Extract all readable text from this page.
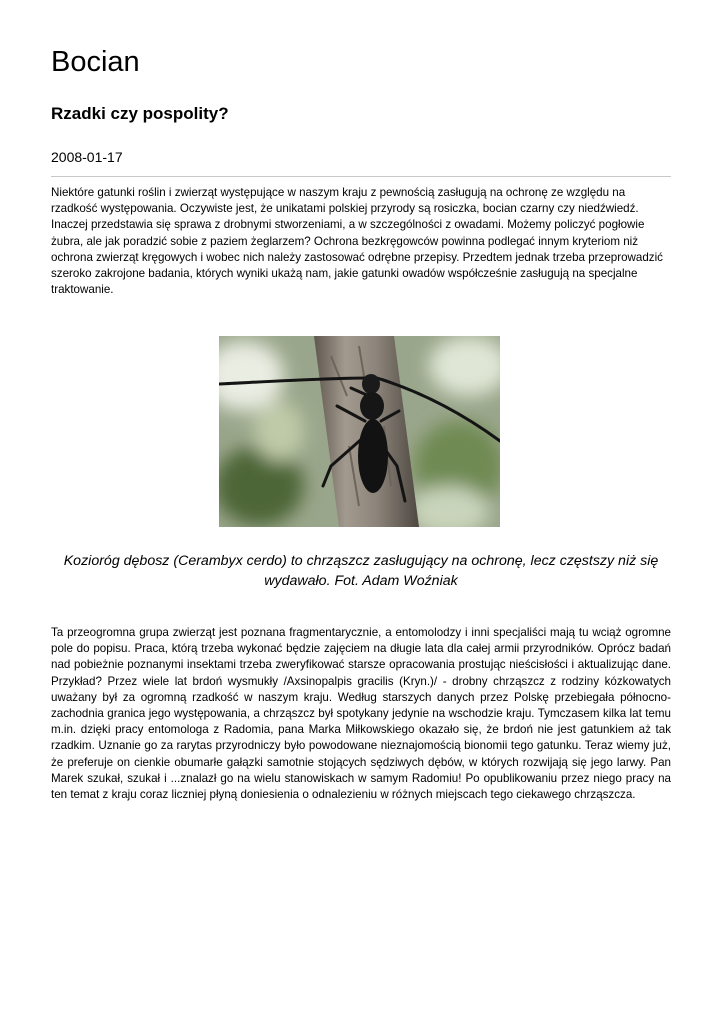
Bocian
Rzadki czy pospolity?
2008-01-17

Niektóre gatunki roślin i zwierząt występujące w naszym kraju z pewnością zasługują na ochronę ze względu na rzadkość występowania. Oczywiste jest, że unikatami polskiej przyrody są rosiczka, bocian czarny czy niedźwiedź. Inaczej przedstawia się sprawa z drobnymi stworzeniami, a w szczególności z owadami. Możemy policzyć pogłowie żubra, ale jak poradzić sobie z paziem żeglarzem? Ochrona bezkręgowców powinna podlegać innym kryteriom niż ochrona zwierząt kręgowych i wobec nich należy zastosować odrębne przepisy. Przedtem jednak trzeba przeprowadzić szeroko zakrojone badania, których wyniki ukażą nam, jakie gatunki owadów współcześnie zasługują na specjalne traktowanie.

Kozioróg dębosz (Cerambyx cerdo) to chrząszcz zasługujący na ochronę, lecz częstszy niż się wydawało. Fot. Adam Woźniak

Ta przeogromna grupa zwierząt jest poznana fragmentarycznie, a entomolodzy i inni specjaliści mają tu wciąż ogromne pole do popisu. Praca, którą trzeba wykonać będzie zajęciem na długie lata dla całej armii przyrodników. Oprócz badań nad pobieżnie poznanymi insektami trzeba zweryfikować starsze opracowania prostując nieścisłości i aktualizując dane. Przykład? Przez wiele lat brdoń wysmukły /Axsinopalpis gracilis (Kryn.)/ - drobny chrząszcz z rodziny kózkowatych uważany był za ogromną rzadkość w naszym kraju. Według starszych danych przez Polskę przebiegała północno-zachodnia granica jego występowania, a chrząszcz był spotykany jedynie na wschodzie kraju. Tymczasem kilka lat temu m.in. dzięki pracy entomologa z Radomia, pana Marka Miłkowskiego okazało się, że brdoń nie jest gatunkiem aż tak rzadkim. Uznanie go za rarytas przyrodniczy było powodowane nieznajomością bionomii tego gatunku. Teraz wiemy już, że preferuje on cienkie obumarłe gałązki samotnie stojących sędziwych dębów, w których rozwijają się jego larwy. Pan Marek szukał, szukał i ...znalazł go na wielu stanowiskach w samym Radomiu! Po opublikowaniu przez niego pracy na ten temat z kraju coraz liczniej płyną doniesienia o odnalezieniu w różnych miejscach tego ciekawego chrząszcza.
